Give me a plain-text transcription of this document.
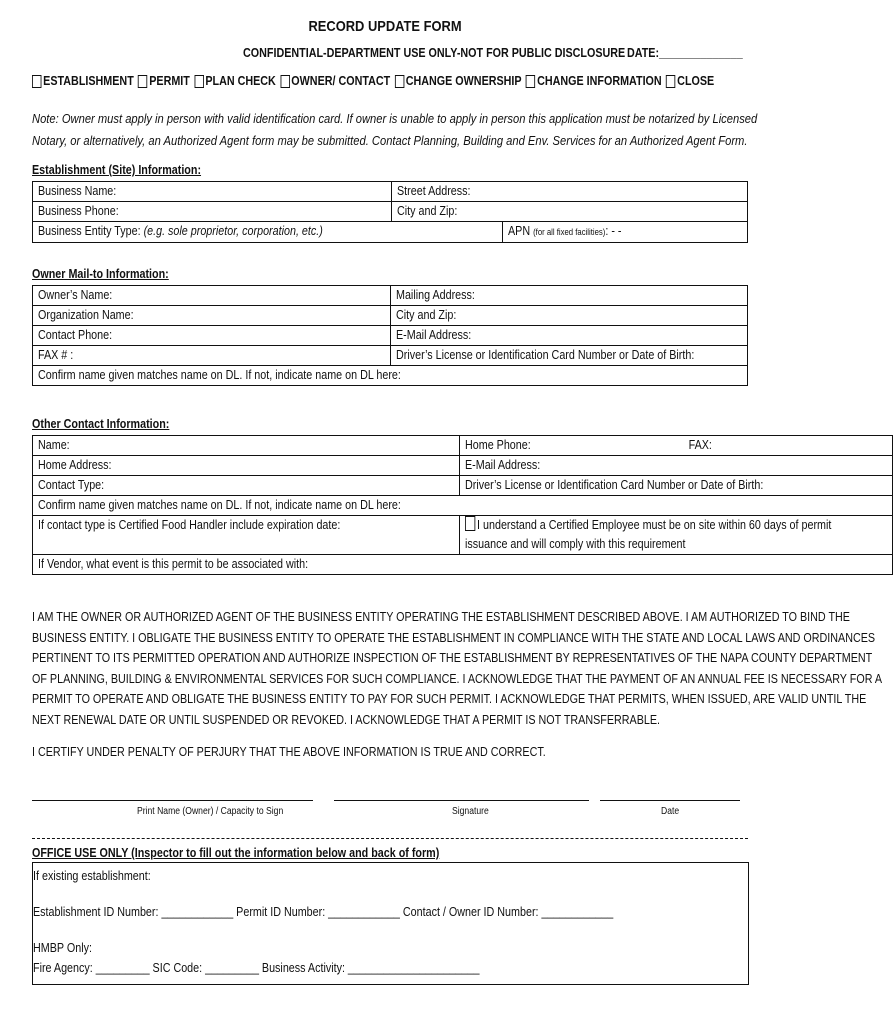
RECORD UPDATE FORM
CONFIDENTIAL-DEPARTMENT USE ONLY-NOT FOR PUBLIC DISCLOSURE DATE:______________
ESTABLISHMENT PERMIT PLAN CHECK OWNER/ CONTACT CHANGE OWNERSHIP CHANGE INFORMATION CLOSE
Note: Owner must apply in person with valid identification card. If owner is unable to apply in person this application must be notarized by Licensed
Notary, or alternatively, an Authorized Agent form may be submitted. Contact Planning, Building and Env. Services for an Authorized Agent Form.
Establishment (Site) Information:
Business Name:	Street Address:	
Business Phone:	City and Zip:	
Business Entity Type: (e.g. sole proprietor, corporation, etc.)		APN (for all fixed facilities): - -
Owner Mail-to Information:
Owner’s Name:	Mailing Address:
Organization Name:	City and Zip:
Contact Phone:	E-Mail Address:
FAX # :	Driver’s License or Identification Card Number or Date of Birth:
Confirm name given matches name on DL. If not, indicate name on DL here:	
Other Contact Information:
Name:	Home Phone: FAX:

Home Address:	E-Mail Address:
Contact Type:	Driver’s License or Identification Card Number or Date of Birth:
Confirm name given matches name on DL. If not, indicate name on DL here:	
If contact type is Certified Food Handler include expiration date:	I understand a Certified Employee must be on site within 60 days of permit
issuance and will comply with this requirement
If Vendor, what event is this permit to be associated with:	
I AM THE OWNER OR AUTHORIZED AGENT OF THE BUSINESS ENTITY OPERATING THE ESTABLISHMENT DESCRIBED ABOVE. I AM AUTHORIZED TO BIND THE
BUSINESS ENTITY. I OBLIGATE THE BUSINESS ENTITY TO OPERATE THE ESTABLISHMENT IN COMPLIANCE WITH THE STATE AND LOCAL LAWS AND ORDINANCES
PERTINENT TO ITS PERMITTED OPERATION AND AUTHORIZE INSPECTION OF THE ESTABLISHMENT BY REPRESENTATIVES OF THE NAPA COUNTY DEPARTMENT
OF PLANNING, BUILDING & ENVIRONMENTAL SERVICES FOR SUCH COMPLIANCE. I ACKNOWLEDGE THAT THE PAYMENT OF AN ANNUAL FEE IS NECESSARY FOR A
PERMIT TO OPERATE AND OBLIGATE THE BUSINESS ENTITY TO PAY FOR SUCH PERMIT. I ACKNOWLEDGE THAT PERMITS, WHEN ISSUED, ARE VALID UNTIL THE
NEXT RENEWAL DATE OR UNTIL SUSPENDED OR REVOKED. I ACKNOWLEDGE THAT A PERMIT IS NOT TRANSFERRABLE.
I CERTIFY UNDER PENALTY OF PERJURY THAT THE ABOVE INFORMATION IS TRUE AND CORRECT.
Print Name (Owner) / Capacity to Sign	Signature	Date
OFFICE USE ONLY (Inspector to fill out the information below and back of form)
If existing establishment:
Establishment ID Number: ____________ Permit ID Number: ____________ Contact / Owner ID Number: ____________
HMBP Only:
Fire Agency: _________ SIC Code: _________ Business Activity: ______________________
